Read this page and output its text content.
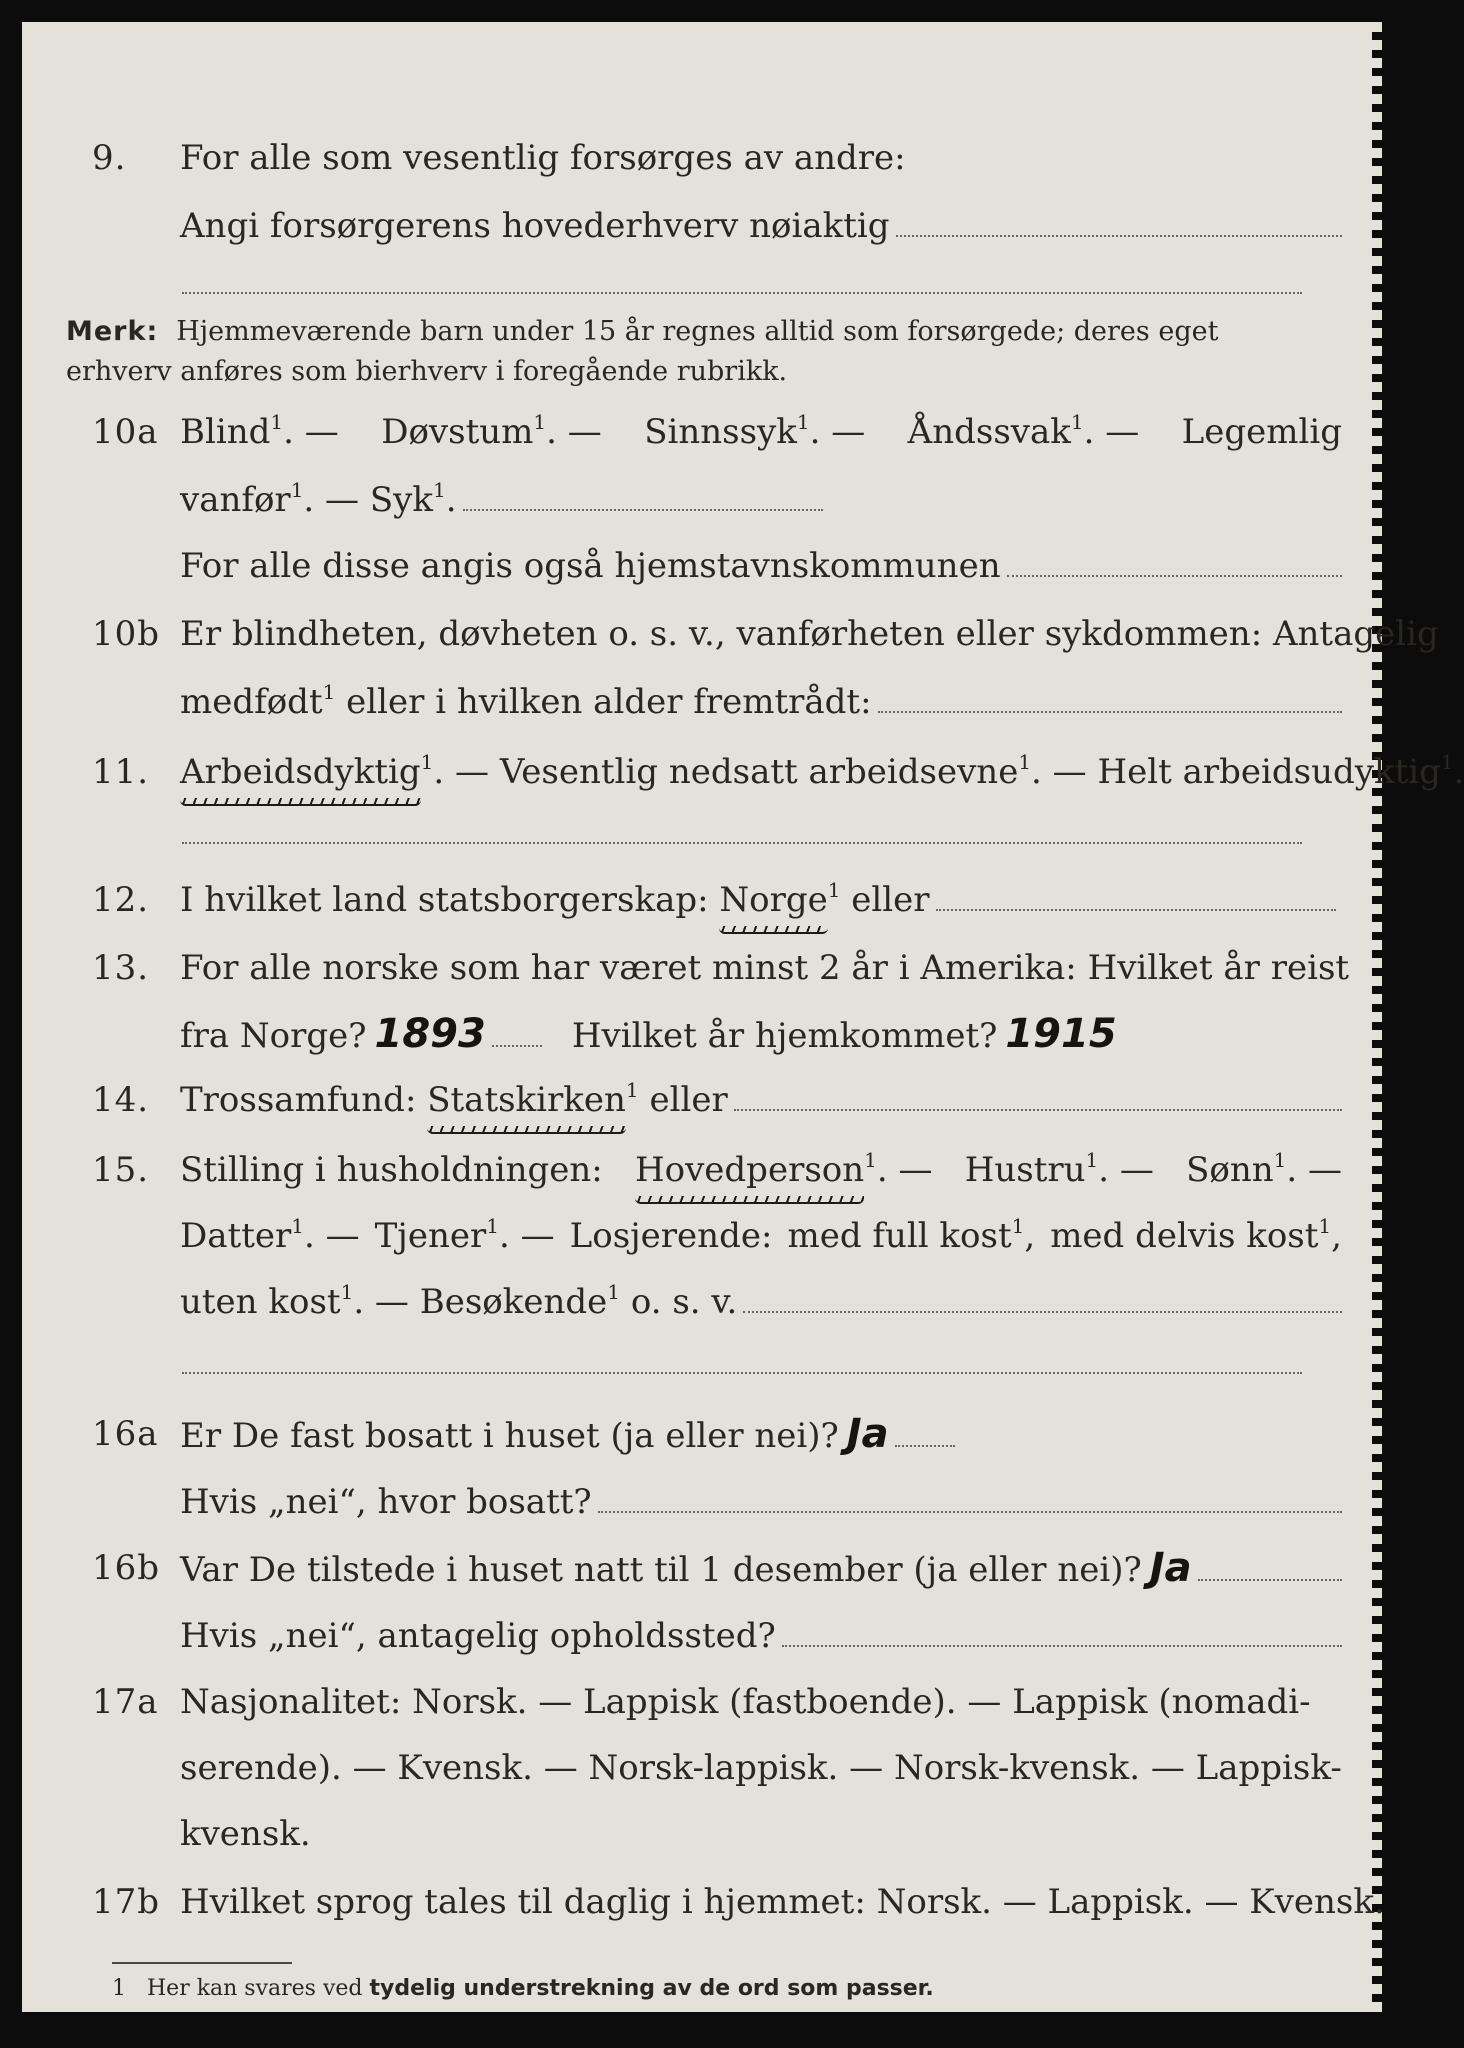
9. For alle som vesentlig forsørges av andre:
Angi forsørgerens hovederhverv nøiaktig
Merk: Hjemmeværende barn under 15 år regnes alltid som forsørgede; deres eget erhverv anføres som bierhverv i foregående rubrikk.
10a Blind$^1$. — Døvstum$^1$. — Sinnssyk$^1$. — Åndssvak$^1$. — Legemlig
vanfør$^1$. — Syk$^1$.
For alle disse angis også hjemstavnskommunen
10b Er blindheten, døvheten o. s. v., vanførheten eller sykdommen: Antagelig
medfødt$^1$ eller i hvilken alder fremtrådt:
11. Arbeidsdyktig$^1$. — Vesentlig nedsatt arbeidsevne$^1$. — Helt arbeidsudyktig$^1$.
12. I hvilket land statsborgerskap: Norge$^1$ eller
13. For alle norske som har været minst 2 år i Amerika: Hvilket år reist
fra Norge? 1893	Hvilket år hjemkommet? 1915
14. Trossamfund: Statskirken$^1$ eller
15. Stilling i husholdningen: Hovedperson$^1$. — Hustru$^1$. — Sønn$^1$. —
Datter$^1$. — Tjener$^1$. — Losjerende: med full kost$^1$, med delvis kost$^1$,
uten kost$^1$. — Besøkende$^1$ o. s. v.
16a Er De fast bosatt i huset (ja eller nei)? Ja
Hvis „nei“, hvor bosatt?
16b Var De tilstede i huset natt til 1 desember (ja eller nei)? Ja
Hvis „nei“, antagelig opholdssted?
17a Nasjonalitet: Norsk. — Lappisk (fastboende). — Lappisk (nomadi-
serende). — Kvensk. — Norsk-lappisk. — Norsk-kvensk. — Lappisk-
kvensk.
17b Hvilket sprog tales til daglig i hjemmet: Norsk. — Lappisk. — Kvensk.
1 Her kan svares ved tydelig understrekning av de ord som passer.
